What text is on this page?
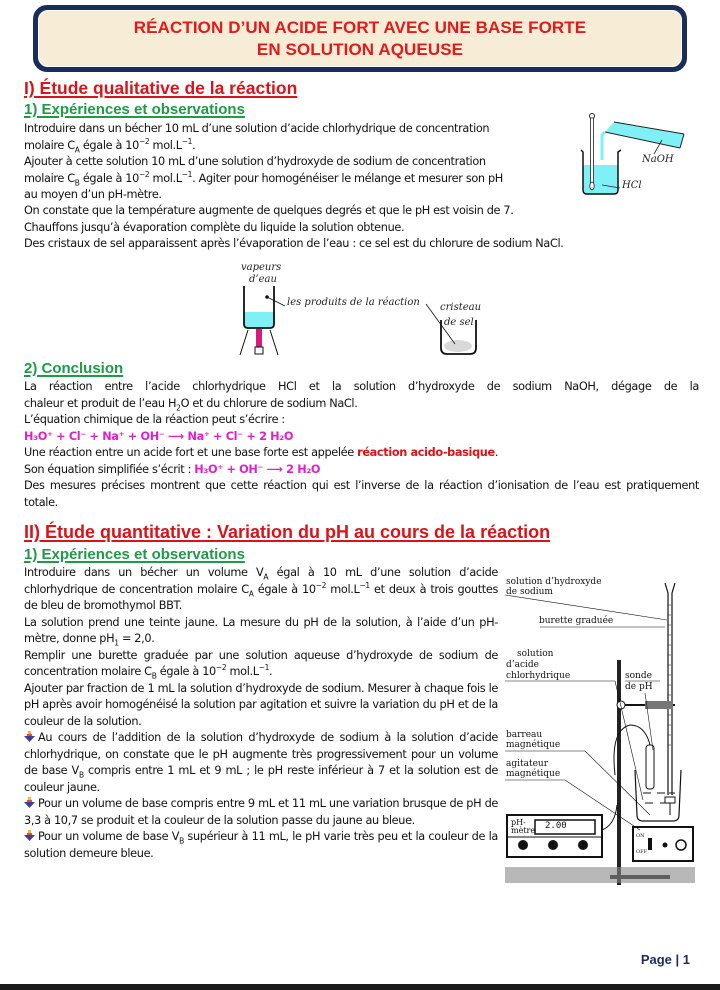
RÉACTION D’UN ACIDE FORT AVEC UNE BASE FORTE
EN SOLUTION AQUEUSE
I) Étude qualitative de la réaction
1) Expériences et observations

Introduire dans un bécher 10 mL d’une solution d’acide chlorhydrique de concentration

molaire $C_A$ égale à $10^{-2}$ $mol.L^{-1}$.

Ajouter à cette solution 10 mL d’une solution d’hydroxyde de sodium de concentration

molaire $C_B$ égale à $10^{-2}$ $mol.L^{-1}$. Agiter pour homogénéiser le mélange et mesurer son pH

au moyen d’un pH-mètre.

On constate que la température augmente de quelques degrés et que le pH est voisin de 7.

Chauffons jusqu’à évaporation complète du liquide la solution obtenue.

Des cristaux de sel apparaissent après l’évaporation de l’eau : ce sel est du chlorure de sodium NaCl.

NaOH
HCl
vapeurs
d’eau
les produits de la réaction cristeau
de sel
2) Conclusion

La réaction entre l’acide chlorhydrique HCl et la solution d’hydroxyde de sodium NaOH, dégage de la

chaleur et produit de l’eau $H_2O$ et du chlorure de sodium NaCl.

L’équation chimique de la réaction peut s’écrire :

H₃O⁺ + Cl⁻ + Na⁺ + OH⁻ ⟶ Na⁺ + Cl⁻ + 2 H₂O

Une réaction entre un acide fort et une base forte est appelée réaction acido-basique.

Son équation simplifiée s’écrit : H₃O⁺ + OH⁻ ⟶ 2 H₂O

Des mesures précises montrent que cette réaction qui est l’inverse de la réaction d’ionisation de l’eau est pratiquement totale.

II) Étude quantitative : Variation du pH au cours de la réaction
1) Expériences et observations

Introduire dans un bécher un volume $V_A$ égal à 10 mL d’une solution d’acide chlorhydrique de concentration molaire $C_A$ égale à $10^{-2}$ $mol.L^{-1}$ et deux à trois gouttes de bleu de bromothymol BBT.

La solution prend une teinte jaune. La mesure du pH de la solution, à l’aide d’un pH-mètre, donne $pH_1 = 2,0$.

Remplir une burette graduée par une solution aqueuse d’hydroxyde de sodium de concentration molaire $C_B$ égale à $10^{-2}$ $mol.L^{-1}$.

Ajouter par fraction de 1 mL la solution d’hydroxyde de sodium. Mesurer à chaque fois le pH après avoir homogénéisé la solution par agitation et suivre la variation du pH et de la couleur de la solution.

Au cours de l’addition de la solution d’hydroxyde de sodium à la solution d’acide chlorhydrique, on constate que le pH augmente très progressivement pour un volume de base $V_B$ compris entre 1 mL et 9 mL ; le pH reste inférieur à 7 et la solution est de couleur jaune.

Pour un volume de base compris entre 9 mL et 11 mL une variation brusque de pH de 3,3 à 10,7 se produit et la couleur de la solution passe du jaune au bleue.

Pour un volume de base $V_B$ supérieur à 11 mL, le pH varie très peu et la couleur de la solution demeure bleue.

solution d’hydroxyde
de sodium
burette graduée
solution
d’acide
chlorhydrique	sonde
de pH
barreau
magnétique
agitateur
magnétique
pH-
mètre 2.00
ON
OFF
Page | 1
